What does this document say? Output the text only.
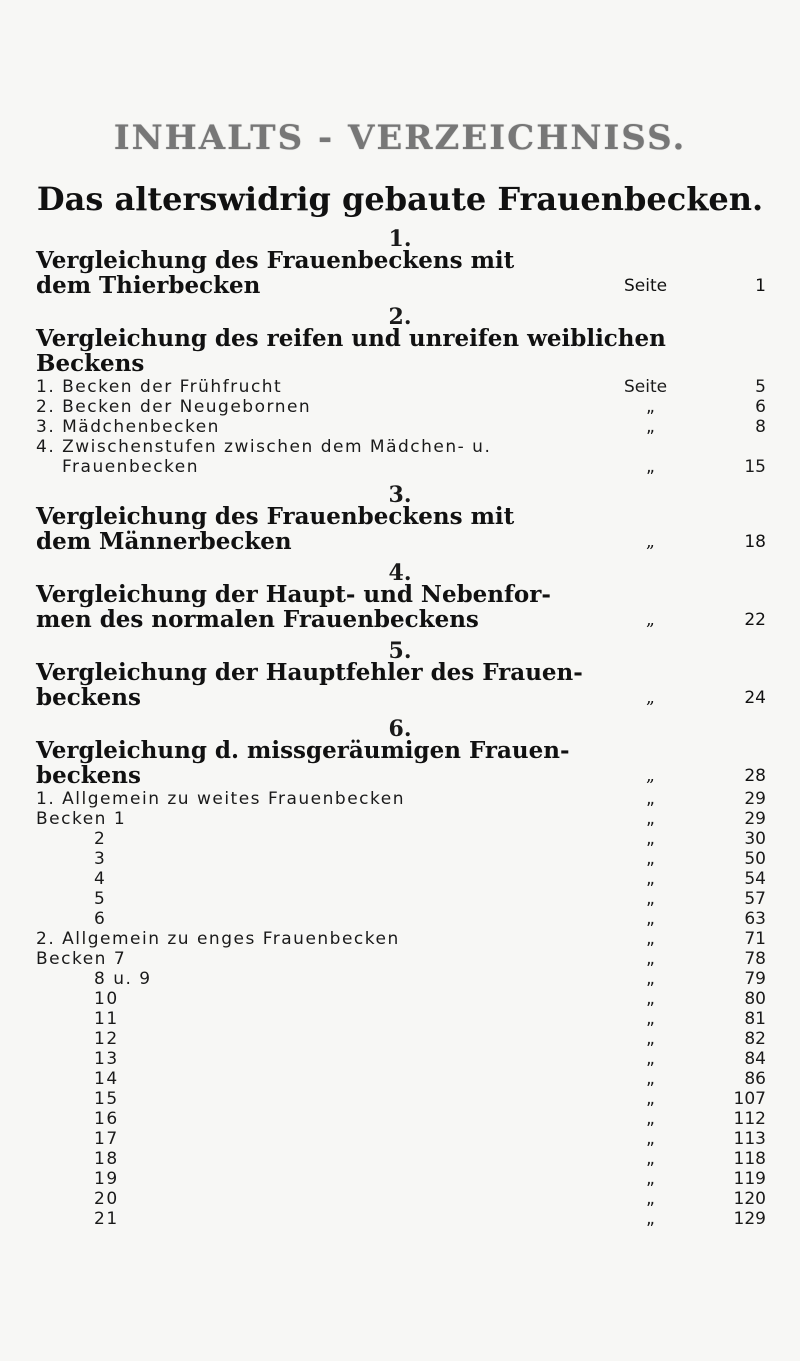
INHALTS - VERZEICHNISS.
Das alterswidrig gebaute Frauenbecken.
1.
Vergleichung des Frauenbeckens mit
dem Thierbecken	Seite	1
2.
Vergleichung des reifen und unreifen weiblichen
Beckens
1. Becken der Frühfrucht	Seite	5
2. Becken der Neugebornen	„	6
3. Mädchenbecken	„	8
4. Zwischenstufen zwischen dem Mädchen- u.
Frauenbecken	„	15
3.
Vergleichung des Frauenbeckens mit
dem Männerbecken	„	18
4.
Vergleichung der Haupt- und Nebenfor-
men des normalen Frauenbeckens	„	22
5.
Vergleichung der Hauptfehler des Frauen-
beckens	„	24
6.
Vergleichung d. missgeräumigen Frauen-
beckens	„	28
1. Allgemein zu weites Frauenbecken	„	29
Becken 1	„	29
2	„	30
3	„	50
4	„	54
5	„	57
6	„	63
2. Allgemein zu enges Frauenbecken	„	71
Becken 7	„	78
8 u. 9	„	79
10	„	80
11	„	81
12	„	82
13	„	84
14	„	86
15	„	107
16	„	112
17	„	113
18	„	118
19	„	119
20	„	120
21	„	129
